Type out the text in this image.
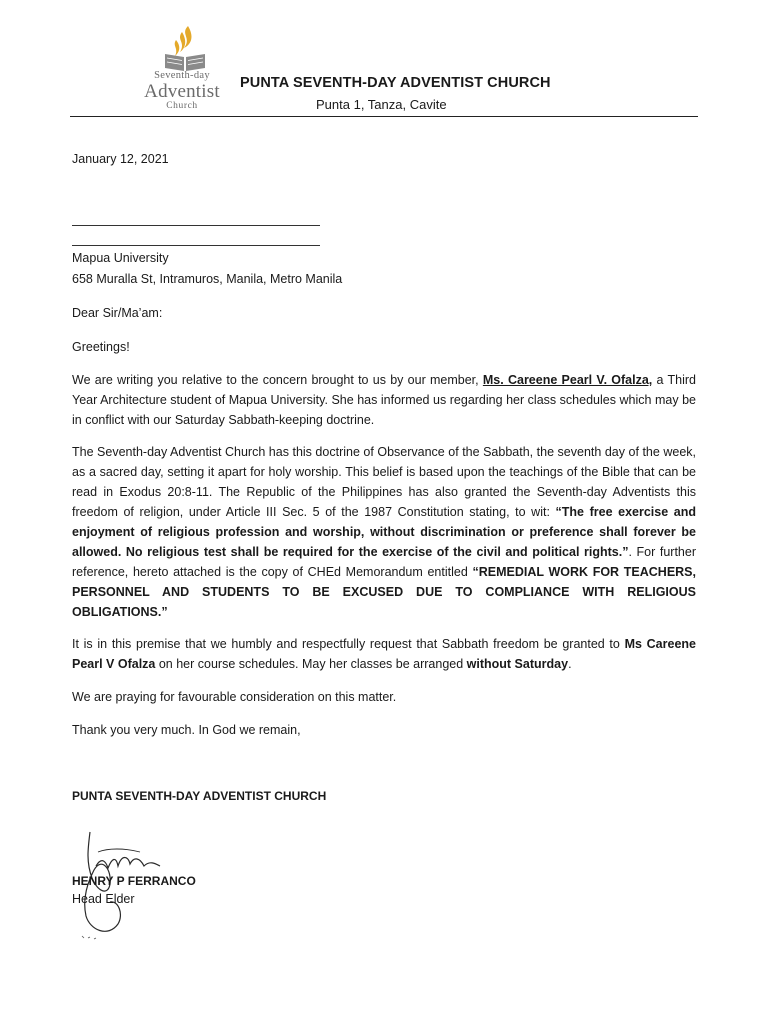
Seventh-day
Adventist
Church
PUNTA SEVENTH-DAY ADVENTIST CHURCH
Punta 1, Tanza, Cavite
January 12, 2021
Mapua University
658 Muralla St, Intramuros, Manila, Metro Manila
Dear Sir/Ma’am:
Greetings!

We are writing you relative to the concern brought to us by our member, Ms. Careene Pearl V. Ofalza, a Third Year Architecture student of Mapua University. She has informed us regarding her class schedules which may be in conflict with our Saturday Sabbath-keeping doctrine.

The Seventh-day Adventist Church has this doctrine of Observance of the Sabbath, the seventh day of the week, as a sacred day, setting it apart for holy worship. This belief is based upon the teachings of the Bible that can be read in Exodus 20:8-11. The Republic of the Philippines has also granted the Seventh-day Adventists this freedom of religion, under Article III Sec. 5 of the 1987 Constitution stating, to wit: “The free exercise and enjoyment of religious profession and worship, without discrimination or preference shall forever be allowed. No religious test shall be required for the exercise of the civil and political rights.”. For further reference, hereto attached is the copy of CHEd Memorandum entitled “REMEDIAL WORK FOR TEACHERS, PERSONNEL AND STUDENTS TO BE EXCUSED DUE TO COMPLIANCE WITH RELIGIOUS OBLIGATIONS.”

It is in this premise that we humbly and respectfully request that Sabbath freedom be granted to Ms Careene Pearl V Ofalza on her course schedules. May her classes be arranged without Saturday.

We are praying for favourable consideration on this matter.
Thank you very much. In God we remain,
PUNTA SEVENTH-DAY ADVENTIST CHURCH
HENRY P FERRANCO
Head Elder
